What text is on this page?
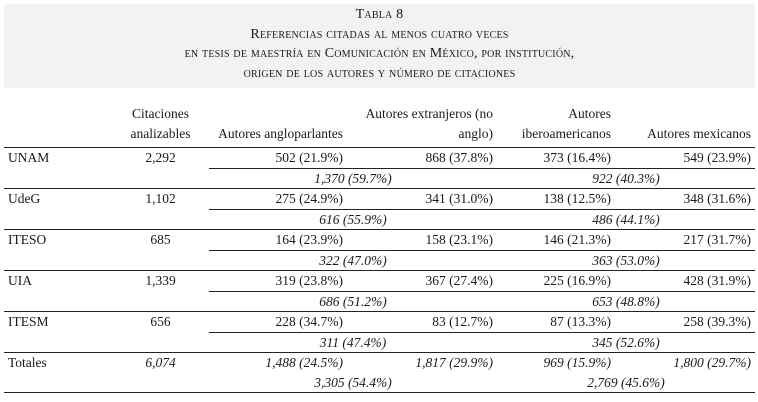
Tabla 8
Referencias citadas al menos cuatro veces
en tesis de maestría en Comunicación en México, por institución,
origen de los autores y número de citaciones
	Citaciones analizables	Autores angloparlantes	Autores extranjeros (no anglo)	Autores iberoamericanos	Autores mexicanos
UNAM	2,292	502 (21.9%)	868 (37.8%)	373 (16.4%)	549 (23.9%)
		1,370 (59.7%)		922 (40.3%)	
UdeG	1,102	275 (24.9%)	341 (31.0%)	138 (12.5%)	348 (31.6%)
		616 (55.9%)		486 (44.1%)	
ITESO	685	164 (23.9%)	158 (23.1%)	146 (21.3%)	217 (31.7%)
		322 (47.0%)		363 (53.0%)	
UIA	1,339	319 (23.8%)	367 (27.4%)	225 (16.9%)	428 (31.9%)
		686 (51.2%)		653 (48.8%)	
ITESM	656	228 (34.7%)	83 (12.7%)	87 (13.3%)	258 (39.3%)
		311 (47.4%)		345 (52.6%)	
Totales	6,074	1,488 (24.5%)	1,817 (29.9%)	969 (15.9%)	1,800 (29.7%)
		3,305 (54.4%)		2,769 (45.6%)	
